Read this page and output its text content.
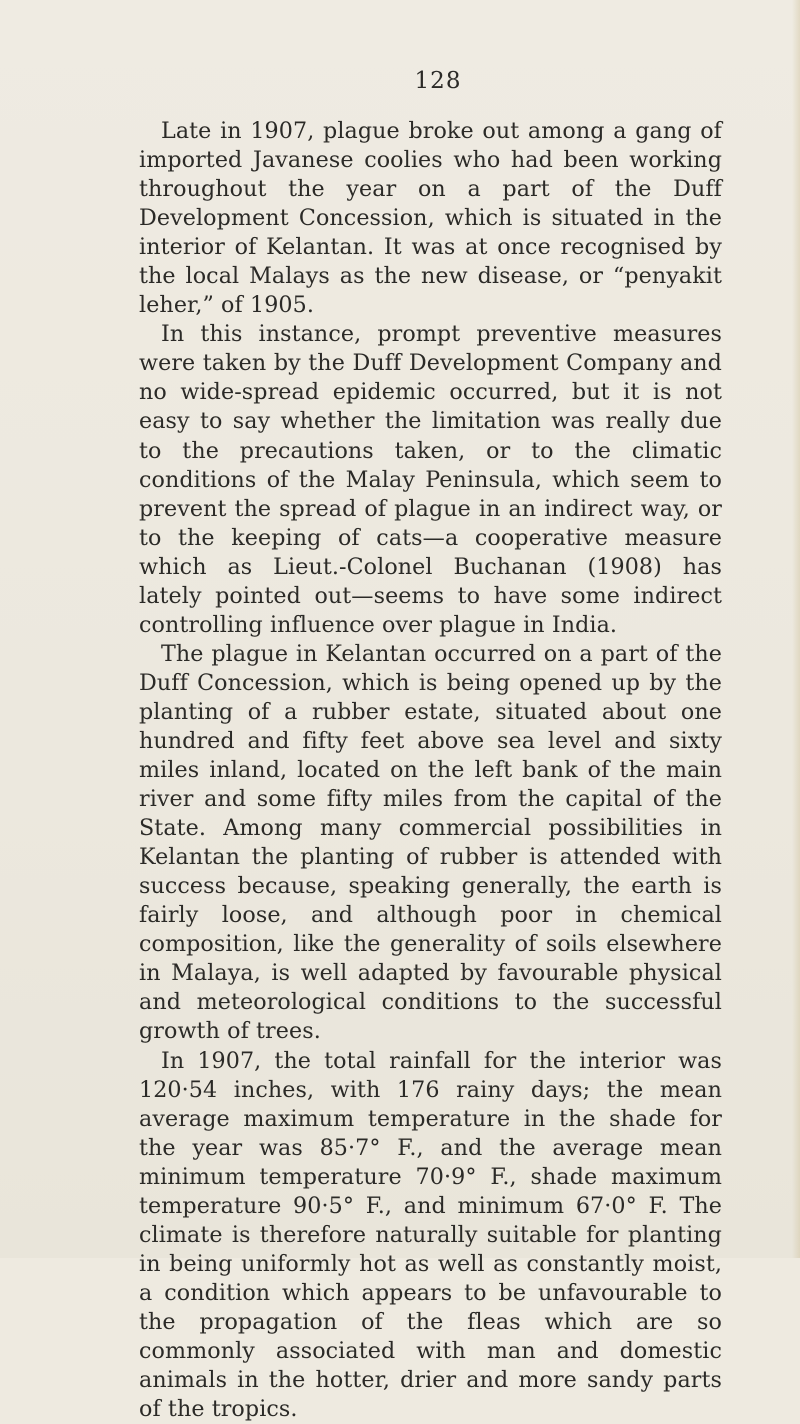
128

Late in 1907, plague broke out among a gang of imported Javanese coolies who had been working throughout the year on a part of the Duff Development Concession, which is situated in the interior of Kelantan. It was at once recognised by the local Malays as the new disease, or “penyakit leher,” of 1905.

In this instance, prompt preventive measures were taken by the Duff Development Company and no wide-spread epidemic occurred, but it is not easy to say whether the limitation was really due to the precautions taken, or to the climatic conditions of the Malay Peninsula, which seem to prevent the spread of plague in an indirect way, or to the keeping of cats—a cooperative measure which as Lieut.-Colonel Buchanan (1908) has lately pointed out—seems to have some indirect controlling influence over plague in India.

The plague in Kelantan occurred on a part of the Duff Concession, which is being opened up by the planting of a rubber estate, situated about one hundred and fifty feet above sea level and sixty miles inland, located on the left bank of the main river and some fifty miles from the capital of the State. Among many commercial possibilities in Kelantan the planting of rubber is attended with success because, speaking generally, the earth is fairly loose, and although poor in chemical composition, like the generality of soils elsewhere in Malaya, is well adapted by favourable physical and meteorological conditions to the successful growth of trees.

In 1907, the total rainfall for the interior was 120·54 inches, with 176 rainy days; the mean average maximum temperature in the shade for the year was 85·7° F., and the average mean minimum temperature 70·9° F., shade maximum temperature 90·5° F., and minimum 67·0° F. The climate is therefore naturally suitable for planting in being uniformly hot as well as constantly moist, a condition which appears to be unfavourable to the propagation of the fleas which are so commonly associated with man and domestic animals in the hotter, drier and more sandy parts of the tropics.
